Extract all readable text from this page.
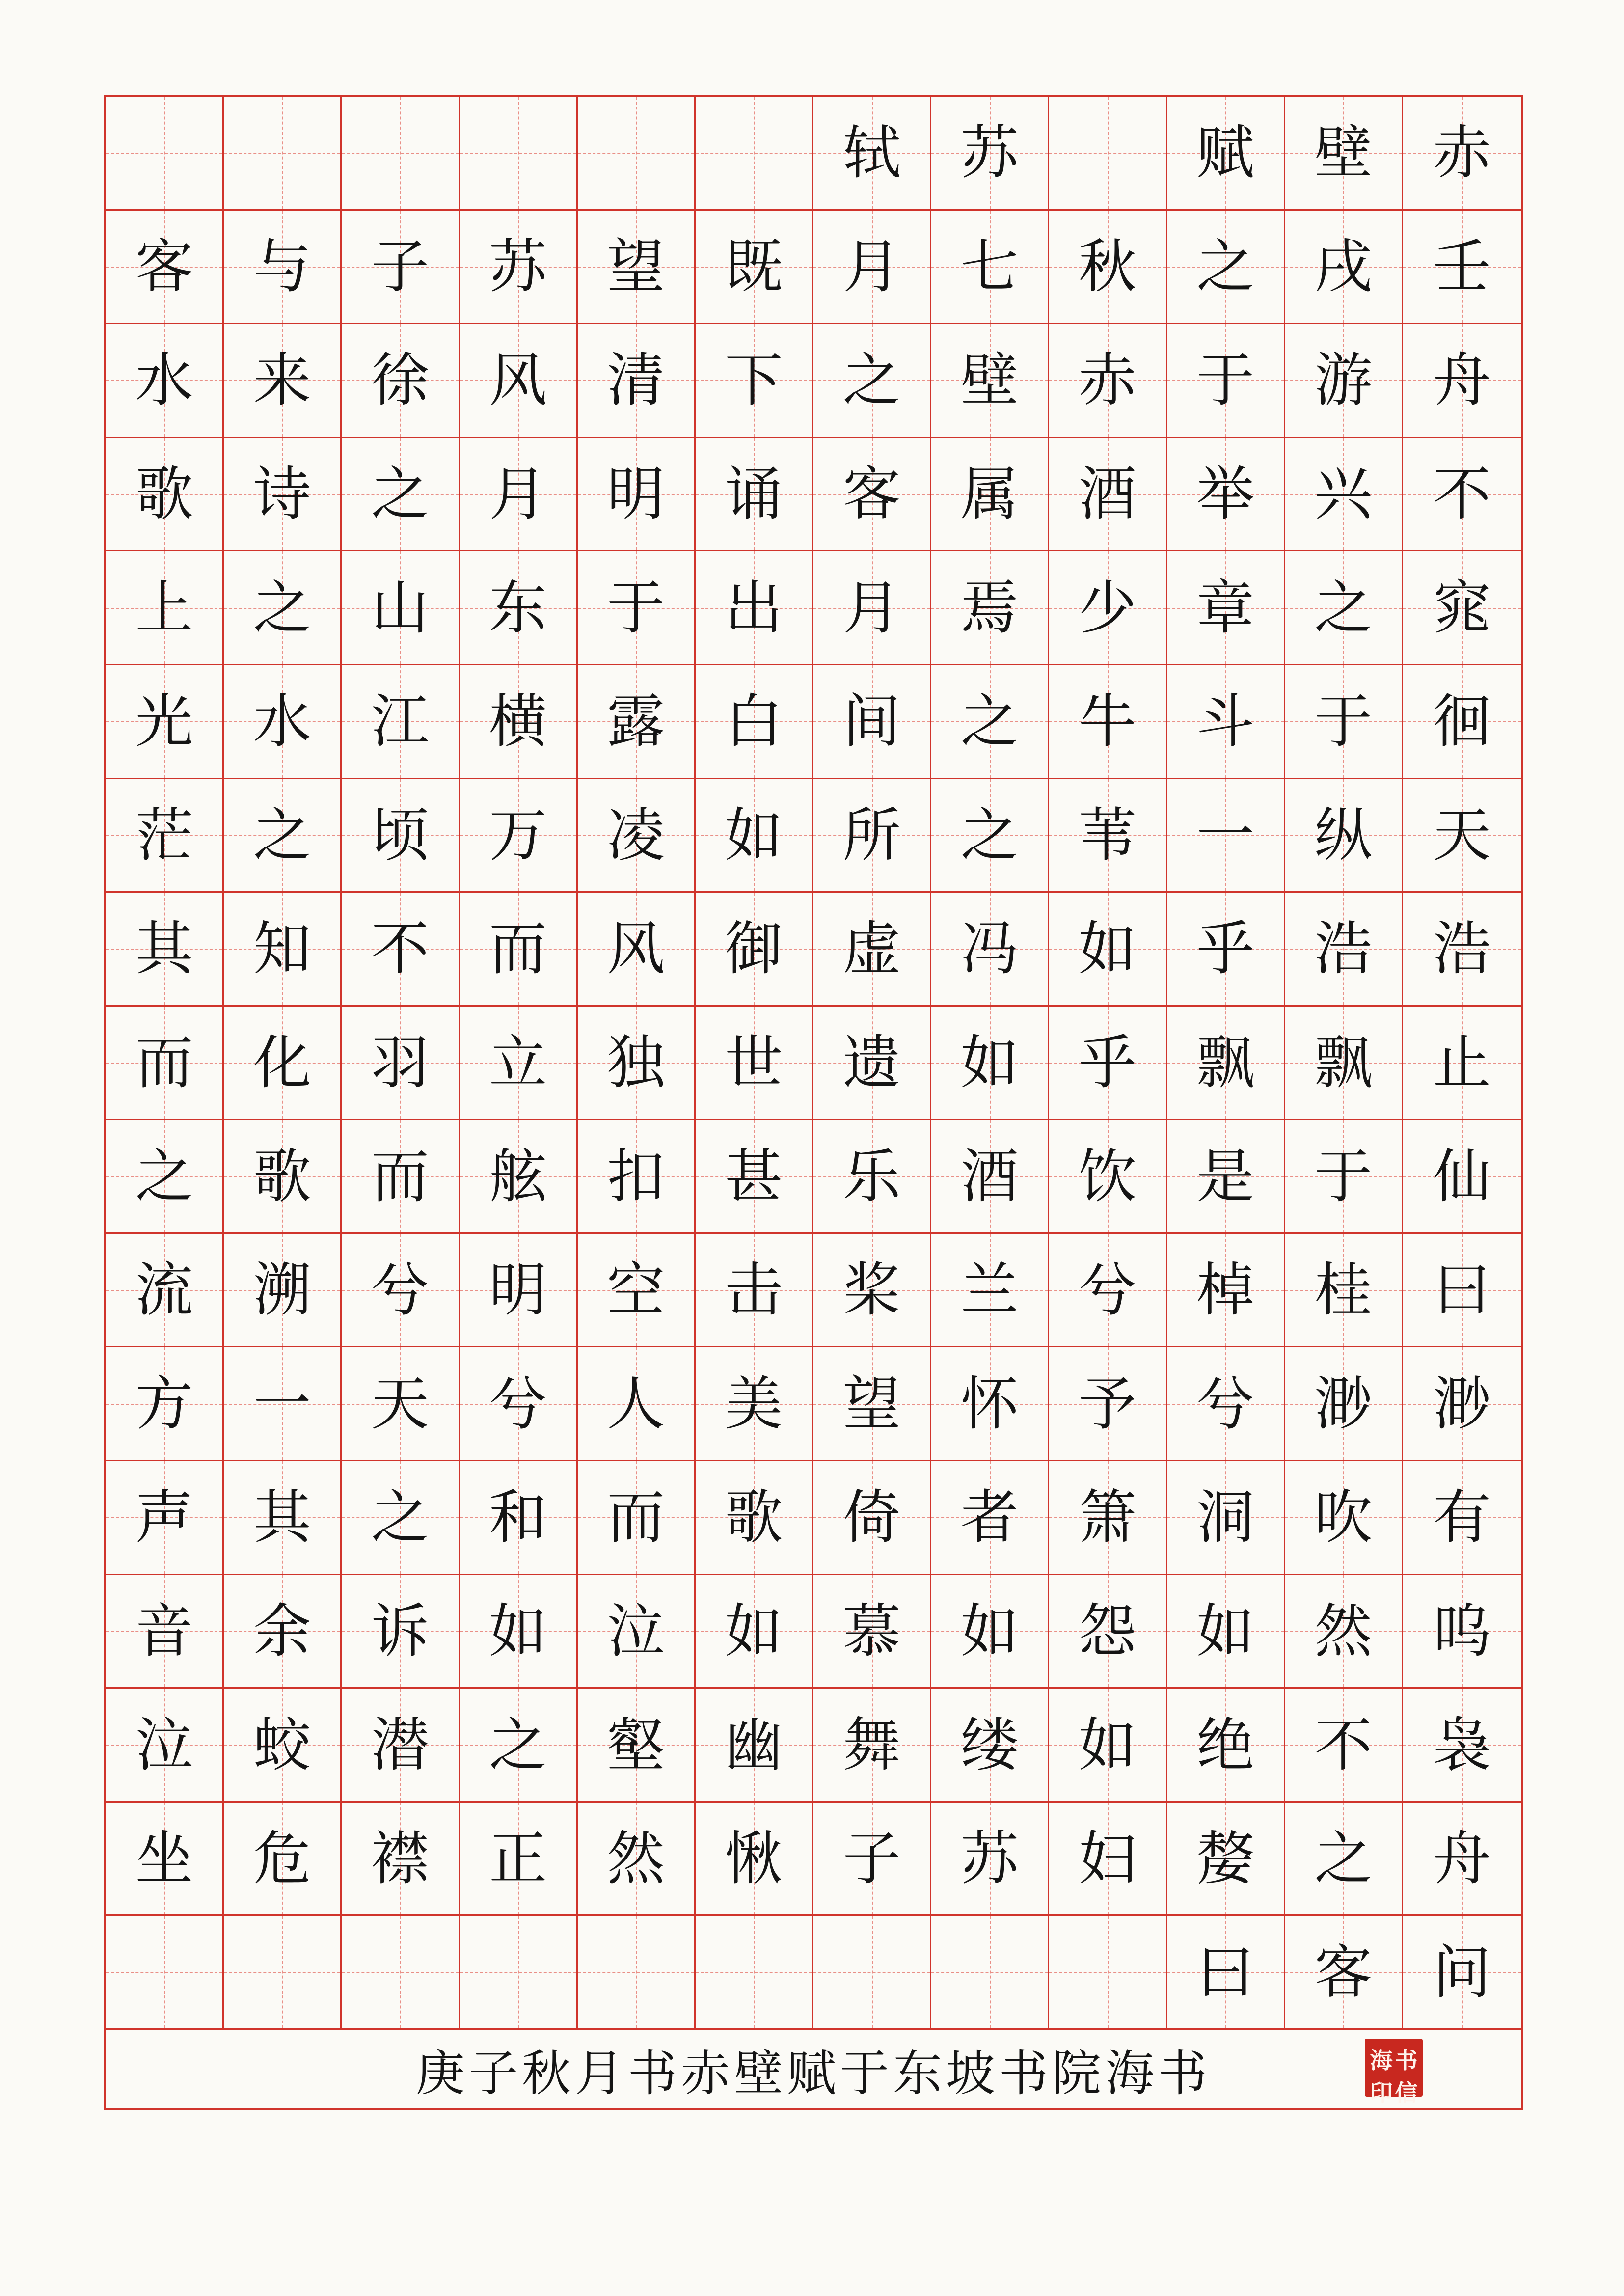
轼 苏	赋 壁 赤
客 与 子 苏 望 既 月 七 秋 之 戌 壬
水 来 徐 风 清 下 之 壁 赤 于 游 舟
歌 诗 之 月 明 诵 客 属 酒 举 兴 不
上 之 山 东 于 出 月 焉 少 章 之 窕
光 水 江 横 露 白 间 之 牛 斗 于 徊
茫 之 顷 万 凌 如 所 之 苇 一 纵 天
其 知 不 而 风 御 虚 冯 如 乎 浩 浩
而 化 羽 立 独 世 遗 如 乎 飘 飘 止
之 歌 而 舷 扣 甚 乐 酒 饮 是 于 仙
流 溯 兮 明 空 击 桨 兰 兮 棹 桂 曰
方 一 天 兮 人 美 望 怀 予 兮 渺 渺
声 其 之 和 而 歌 倚 者 箫 洞 吹 有
音 余 诉 如 泣 如 慕 如 怨 如 然 呜
泣 蛟 潜 之 壑 幽 舞 缕 如 绝 不 袅
坐 危 襟 正 然 愀 子 苏 妇 嫠 之 舟
曰 客 问
庚子秋月书赤壁赋于东坡书院海书	海 书
印 信
